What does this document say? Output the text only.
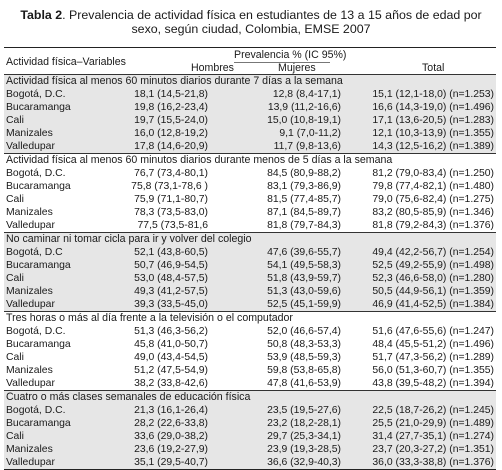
Tabla 2. Prevalencia de actividad física en estudiantes de 13 a 15 años de edad por
sexo, según ciudad, Colombia, EMSE 2007
Prevalencia % (IC 95%)
Actividad física–Variables	Hombres	Mujeres	Total
Actividad física al menos 60 minutos diarios durante 7 días a la semana
Bogotá, D.C.	18,1 (14,5-21,8)	12,8 (8,4-17,1)	15,1 (12,1-18,0) (n=1.253)
Bucaramanga	19,8 (16,2-23,4)	13,9 (11,2-16,6)	16,6 (14,3-19,0) (n=1.496)
Cali	19,7 (15,5-24,0)	15,0 (10,8-19,1)	17,1 (13,6-20,5) (n=1.283)
Manizales	16,0 (12,8-19,2)	9,1 (7,0-11,2)	12,1 (10,3-13,9) (n=1.355)
Valledupar	17,8 (14,6-20,9)	11,7 (9,8-13,6)	14,3 (12,5-16,2) (n=1.389)
Actividad física al menos 60 minutos diarios durante menos de 5 días a la semana
Bogotá, D.C.	76,7 (73,4-80,1)	84,5 (80,9-88,2)	81,2 (79,0-83,4) (n=1.250)
Bucaramanga	75,8 (73,1-78,6 )	83,1 (79,3-86,9)	79,8 (77,4-82,1) (n=1.480)
Cali	75,9 (71,1-80,7)	81,5 (77,4-85,7)	79,0 (75,6-82,4) (n=1.275)
Manizales	78,3 (73,5-83,0)	87,1 (84,5-89,7)	83,2 (80,5-85,9) (n=1.346)
Valledupar	77,5 (73,5-81,6	81,8 (79,7-84,3)	81,8 (79,2-84,3) (n=1.376)
No caminar ni tomar cicla para ir y volver del colegio
Bogotá, D.C	52,1 (43,8-60,5)	47,6 (39,6-55,7)	49,4 (42,2-56,7) (n=1.254)
Bucaramanga	50,7 (46,9-54,5)	54,1 (49,5-58,3)	52,5 (49,2-55,9) (n=1.498)
Cali	53,0 (48,4-57,5)	51,8 (43,9-59,7)	52,3 (46,6-58,0) (n=1.280)
Manizales	49,3 (41,2-57,5)	51,3 (43,0-59,6)	50,5 (44,9-56,1) (n=1.359)
Valledupar	39,3 (33,5-45,0)	52,5 (45,1-59,9)	46,9 (41,4-52,5) (n=1.384)
Tres horas o más al día frente a la televisión o el computador
Bogotá, D.C.	51,3 (46,3-56,2)	52,0 (46,6-57,4)	51,6 (47,6-55,6) (n=1.247)
Bucaramanga	45,8 (41,0-50,7)	50,8 (48,3-53,3)	48,4 (45,5-51,2) (n=1.496)
Cali	49,0 (43,4-54,5)	53,9 (48,5-59,3)	51,7 (47,3-56,2) (n=1.289)
Manizales	51,2 (47,5-54,9)	59,8 (53,8-65,8)	56,0 (51,3-60,7) (n=1.355)
Valledupar	38,2 (33,8-42,6)	47,8 (41,6-53,9)	43,8 (39,5-48,2) (n=1.394)
Cuatro o más clases semanales de educación física
Bogotá, D.C.	21,3 (16,1-26,4)	23,5 (19,5-27,6)	22,5 (18,7-26,2) (n=1.245)
Bucaramanga	28,2 (22,6-33,8)	23,2 (18,2-28,1)	25,5 (21,0-29,9) (n=1.489)
Cali	33,6 (29,0-38,2)	29,7 (25,3-34,1)	31,4 (27,7-35,1) (n=1.274)
Manizales	23,6 (19,2-27,9)	23,9 (19,3-28,5)	23,7 (20,3-27,2) (n=1.351)
Valledupar	35,1 (29,5-40,7)	36,6 (32,9-40,3)	36,0 (33,3-38,8) (n=1.376)
